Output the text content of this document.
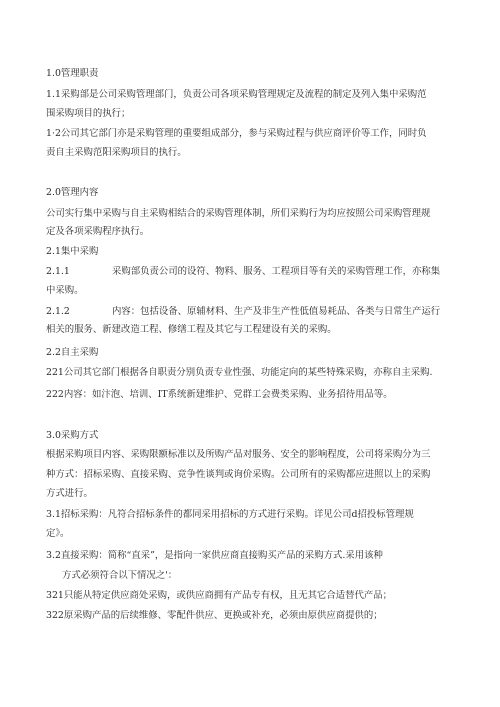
1.0管理职责
1.1采购部是公司采购管理部门，负责公司各项采购管理规定及流程的制定及列入集中采购范
围采购项目的执行；
1·2公司其它部门亦是采购管理的重要组成部分，参与采购过程与供应商评价等工作，同时负
责自主采购范阳采购项目的执行。
2.0管理内容
公司实行集中采购与自主采购相结合的采购管理体制，所们采购行为均应按照公司采购管理规
定及各项采购程序执行。
2.1集中采购
2.1.1	采购部负责公司的设符、物料、服务、工程项目等有关的采购管理工作，亦称集
中采购。
2.1.2	内容：包括设备、原辅材料、生产及非生产性低值易耗品、各类与日常生产运行
相关的服务、新建改造工程、修缮工程及其它与工程建设有关的采购。
2.2自主采购
221公司其它部门根据各自职责分别负责专业性强、功能定向的某些特殊采购，亦称自主采购.
222内容：如汴泡、培训、IT系统新建维护、党群工会费类采购、业务招待用品等。
3.0采购方式
根据采购项目内容、采购限额标准以及所购产品对服务、安全的影响程度，公司将采购分为三
种方式：招标采购、直接采购、竞争性谈判或询价采购。公司所有的采购都应进照以上的采购
方式进行。
3.1招标采购：凡符合招标条件的都同采用招标的方式进行采购。详见公司d招投标管理规
定》。
3.2直接采购：简称“直采”，是指向一家供应商直接购买产品的采购方式.采用该种
方式必须符合以下情况之'：
321只能从特定供应商处采购，或供应商拥有产品专有权，且无其它合适替代产品；
322原采购产品的后续维修、零配件供应、更换或补充，必须由原供应商提供的；
